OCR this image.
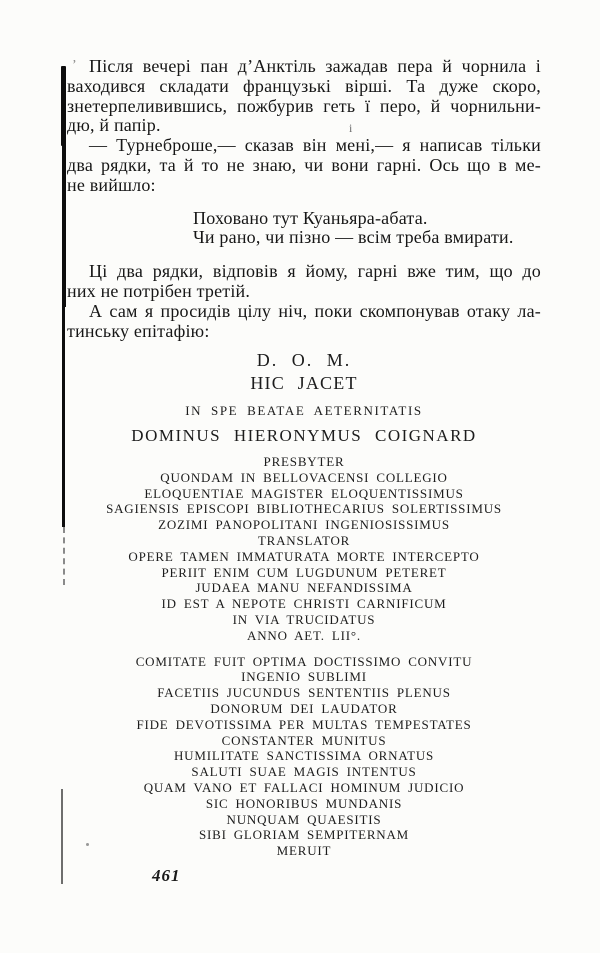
’
і

Після вечері пан д’Анктіль зажадав пера й чорнила і
ваходився складати французькі вірші. Та дуже скоро,
знетерпеливившись, пожбурив геть ї перо, й чорнильни-
дю, й папір.

— Турнеброше,— сказав він мені,— я написав тільки
два рядки, та й то не знаю, чи вони гарні. Ось що в ме-
не вийшло:

Поховано тут Куаньяра-абата.
Чи рано, чи пізно — всім треба вмирати.

Ці два рядки, відповів я йому, гарні вже тим, що до
них не потрібен третій.

А сам я просидів цілу ніч, поки скомпонував отаку ла-
тинську епітафію:

D. O. M.
HIC JACET
IN SPE BEATAE AETERNITATIS
DOMINUS HIERONYMUS COIGNARD
PRESBYTER
QUONDAM IN BELLOVACENSI COLLEGIO
ELOQUENTIAE MAGISTER ELOQUENTISSIMUS
SAGIENSIS EPISCOPI BIBLIOTHECARIUS SOLERTISSIMUS
ZOZIMI PANOPOLITANI INGENIOSISSIMUS
TRANSLATOR
OPERE TAMEN IMMATURATA MORTE INTERCEPTO
PERIIT ENIM CUM LUGDUNUM PETERET
JUDAEA MANU NEFANDISSIMA
ID EST A NEPOTE CHRISTI CARNIFICUM
IN VIA TRUCIDATUS
ANNO AET. LII°.
COMITATE FUIT OPTIMA DOCTISSIMO CONVITU
INGENIO SUBLIMI
FACETIIS JUCUNDUS SENTENTIIS PLENUS
DONORUM DEI LAUDATOR
FIDE DEVOTISSIMA PER MULTAS TEMPESTATES
CONSTANTER MUNITUS
HUMILITATE SANCTISSIMA ORNATUS
SALUTI SUAE MAGIS INTENTUS
QUAM VANO ET FALLACI HOMINUM JUDICIO
SIC HONORIBUS MUNDANIS
NUNQUAM QUAESITIS
SIBI GLORIAM SEMPITERNAM
MERUIT
461
